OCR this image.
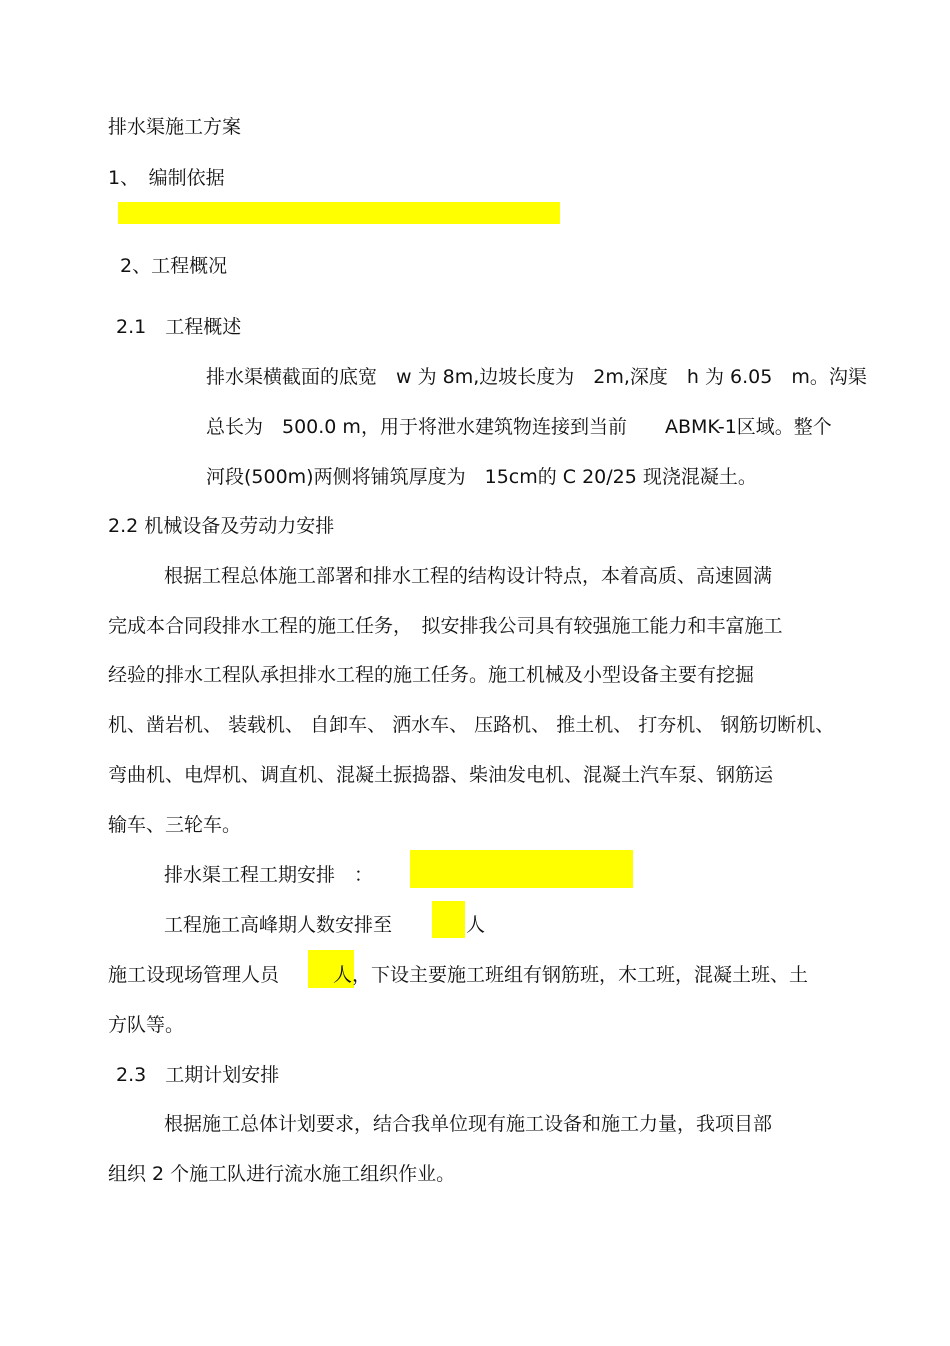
排水渠施工方案
1、　编制依据
2、工程概况
2.1　工程概述
排水渠横截面的底宽　w 为 8m,边坡长度为　2m,深度　h 为 6.05　m。沟渠
总长为　500.0 m，用于将泄水建筑物连接到当前　　ABMK-1区域。整个
河段(500m)两侧将铺筑厚度为　15cm的 C 20/25 现浇混凝土。
2.2 机械设备及劳动力安排
根据工程总体施工部署和排水工程的结构设计特点，本着高质、高速圆满
完成本合同段排水工程的施工任务，　拟安排我公司具有较强施工能力和丰富施工
经验的排水工程队承担排水工程的施工任务。施工机械及小型设备主要有挖掘
机、凿岩机、 装载机、 自卸车、 洒水车、 压路机、 推土机、 打夯机、 钢筋切断机、
弯曲机、电焊机、调直机、混凝土振捣器、柴油发电机、混凝土汽车泵、钢筋运
输车、三轮车。
排水渠工程工期安排　：
工程施工高峰期人数安排至	人
施工设现场管理人员	人 ，下设主要施工班组有钢筋班，木工班，混凝土班、土
方队等。
2.3　工期计划安排
根据施工总体计划要求，结合我单位现有施工设备和施工力量，我项目部
组织 2 个施工队进行流水施工组织作业。
